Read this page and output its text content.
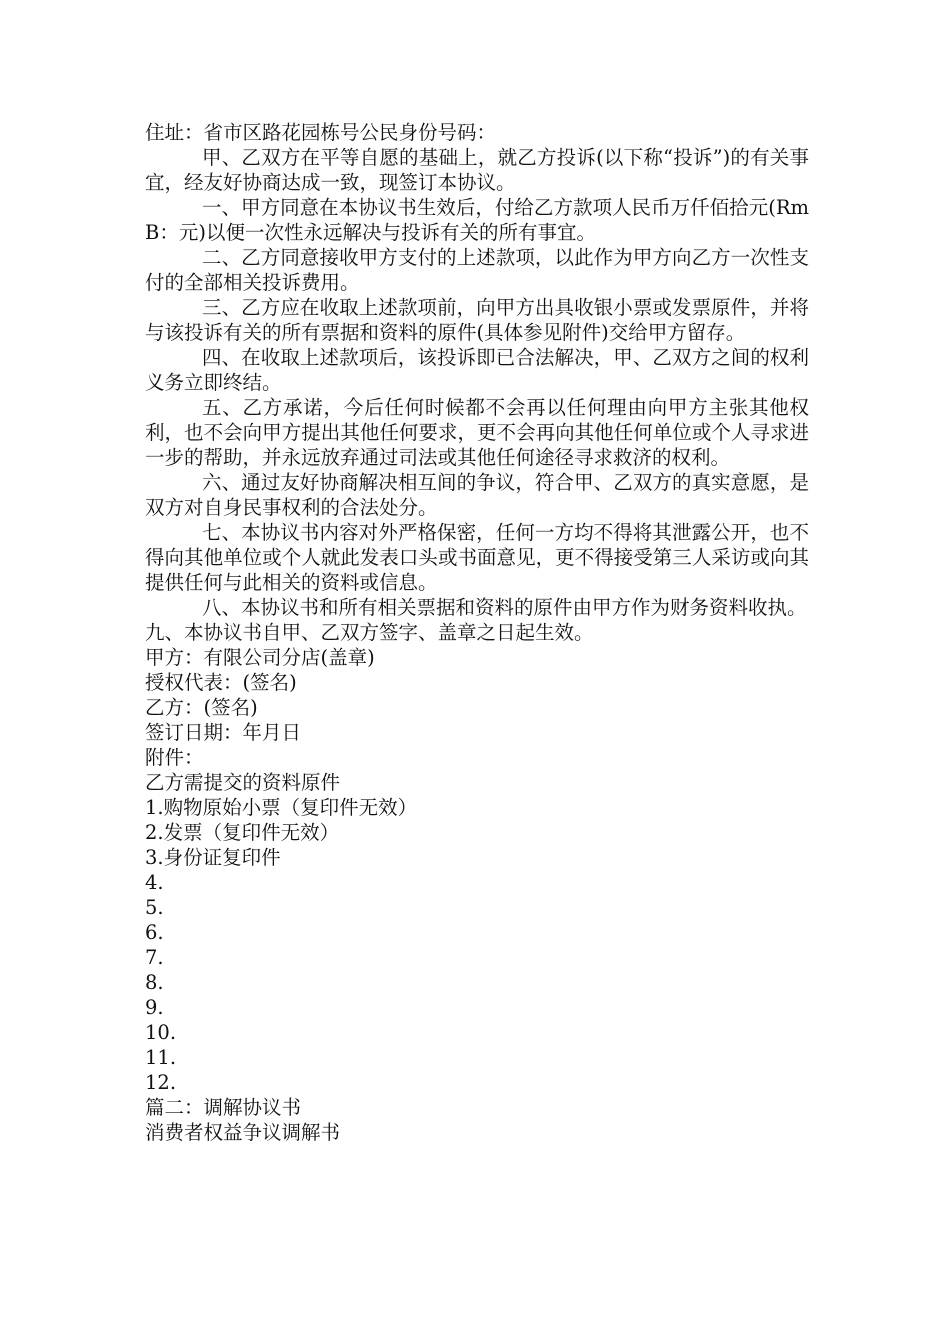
住址：省市区路花园栋号公民身份号码：

甲、乙双方在平等自愿的基础上，就乙方投诉(以下称“投诉”)的有关事宜，经友好协商达成一致，现签订本协议。

一、甲方同意在本协议书生效后，付给乙方款项人民币万仟佰拾元(RmB：元)以便一次性永远解决与投诉有关的所有事宜。

二、乙方同意接收甲方支付的上述款项，以此作为甲方向乙方一次性支付的全部相关投诉费用。

三、乙方应在收取上述款项前，向甲方出具收银小票或发票原件，并将与该投诉有关的所有票据和资料的原件(具体参见附件)交给甲方留存。

四、在收取上述款项后，该投诉即已合法解决，甲、乙双方之间的权利义务立即终结。

五、乙方承诺，今后任何时候都不会再以任何理由向甲方主张其他权利，也不会向甲方提出其他任何要求，更不会再向其他任何单位或个人寻求进一步的帮助，并永远放弃通过司法或其他任何途径寻求救济的权利。

六、通过友好协商解决相互间的争议，符合甲、乙双方的真实意愿，是双方对自身民事权利的合法处分。

七、本协议书内容对外严格保密，任何一方均不得将其泄露公开，也不得向其他单位或个人就此发表口头或书面意见，更不得接受第三人采访或向其提供任何与此相关的资料或信息。

八、本协议书和所有相关票据和资料的原件由甲方作为财务资料收执。

九、本协议书自甲、乙双方签字、盖章之日起生效。

甲方：有限公司分店(盖章)

授权代表：(签名)

乙方：(签名)

签订日期：年月日

附件：

乙方需提交的资料原件

1.购物原始小票（复印件无效）

2.发票（复印件无效）

3.身份证复印件

4.

5.

6.

7.

8.

9.

10.

11.

12.

篇二：调解协议书

消费者权益争议调解书
